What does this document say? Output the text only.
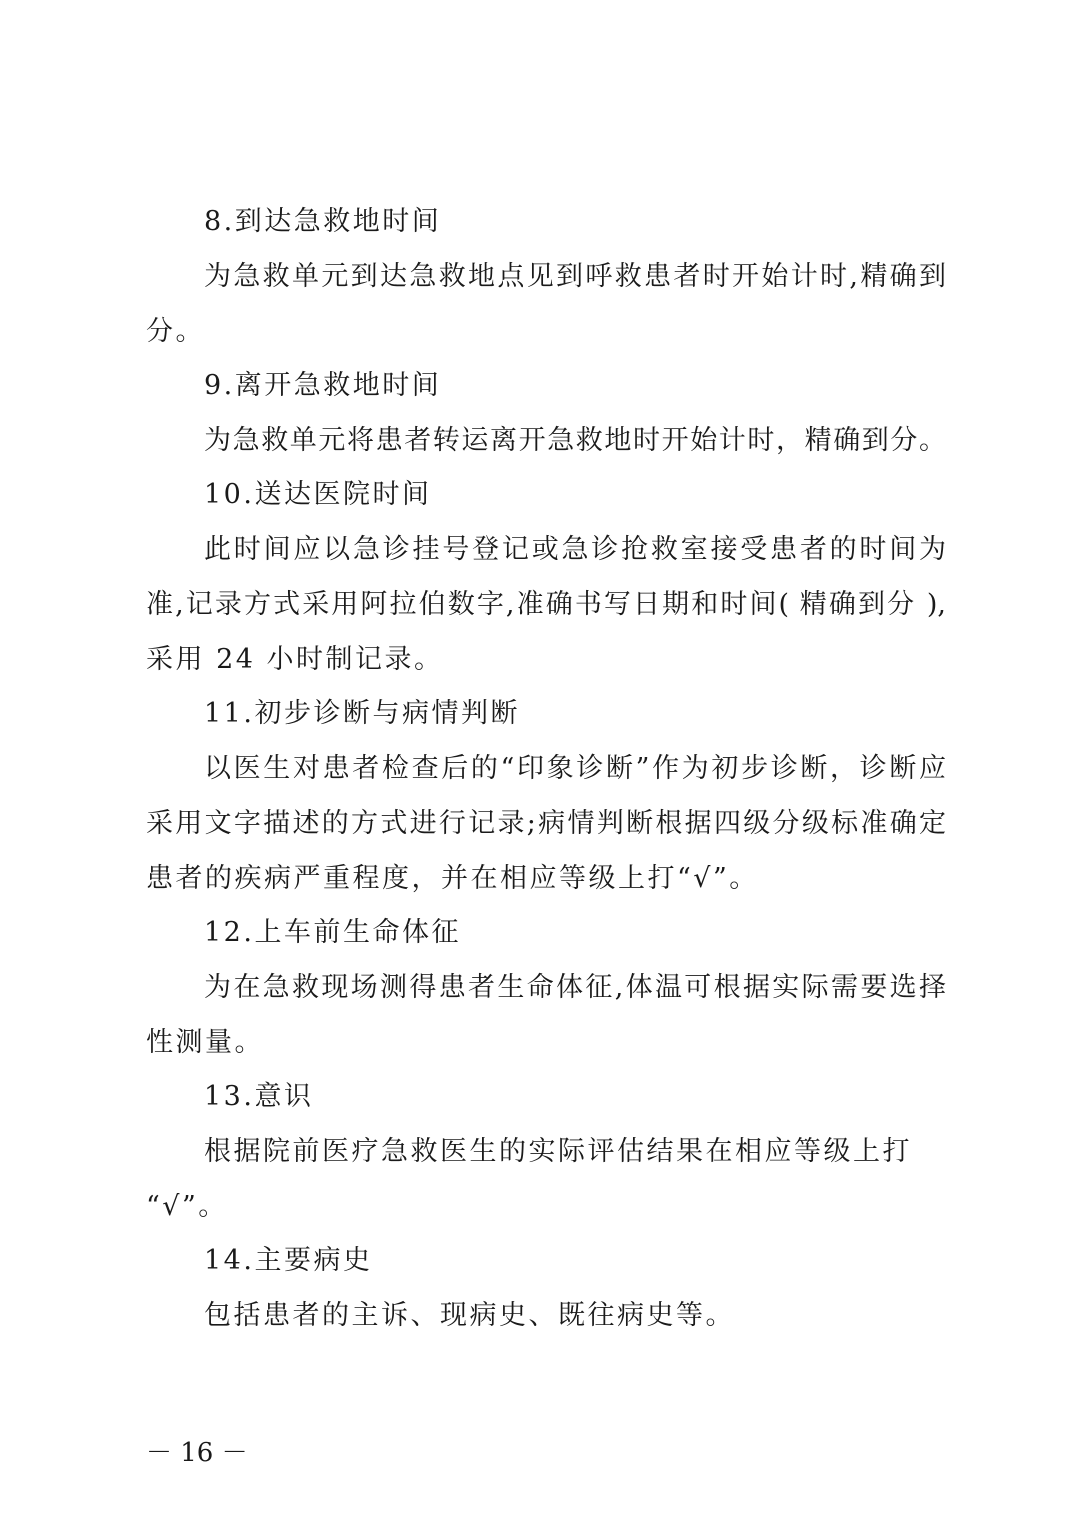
8.到达急救地时间
为急救单元到达急救地点见到呼救患者时开始计时,精确到
分。
9.离开急救地时间
为急救单元将患者转运离开急救地时开始计时，精确到分。
10.送达医院时间
此时间应以急诊挂号登记或急诊抢救室接受患者的时间为
准,记录方式采用阿拉伯数字,准确书写日期和时间( 精确到分 ),
采用 24 小时制记录。
11.初步诊断与病情判断
以医生对患者检查后的“印象诊断”作为初步诊断，诊断应
采用文字描述的方式进行记录;病情判断根据四级分级标准确定
患者的疾病严重程度，并在相应等级上打“√”。
12.上车前生命体征
为在急救现场测得患者生命体征,体温可根据实际需要选择
性测量。
13.意识
根据院前医疗急救医生的实际评估结果在相应等级上打
“√”。
14.主要病史
包括患者的主诉、现病史、既往病史等。
－ 16 －
